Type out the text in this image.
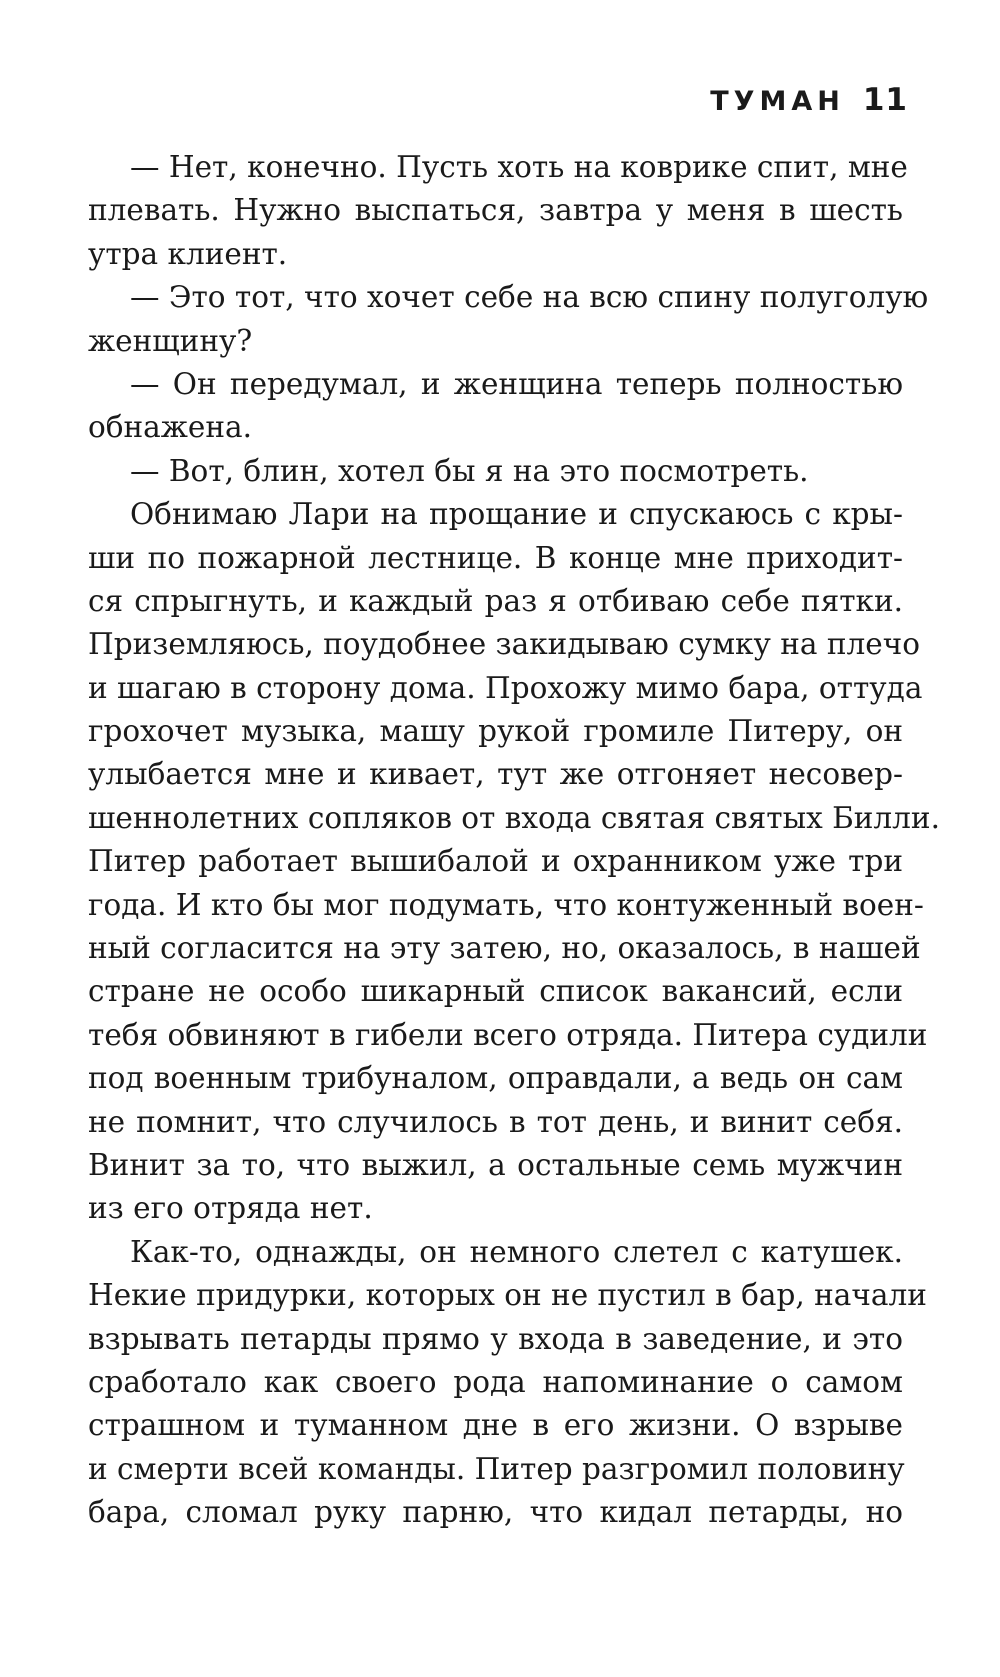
ТУМАН 11
— Нет, конечно. Пусть хоть на коврике спит, мне
плевать. Нужно выспаться, завтра у меня в шесть
утра клиент.
— Это тот, что хочет себе на всю спину полуголую
женщину?
— Он передумал, и женщина теперь полностью
обнажена.
— Вот, блин, хотел бы я на это посмотреть.
Обнимаю Лари на прощание и спускаюсь с кры-
ши по пожарной лестнице. В конце мне приходит-
ся спрыгнуть, и каждый раз я отбиваю себе пятки.
Приземляюсь, поудобнее закидываю сумку на плечо
и шагаю в сторону дома. Прохожу мимо бара, оттуда
грохочет музыка, машу рукой громиле Питеру, он
улыбается мне и кивает, тут же отгоняет несовер-
шеннолетних сопляков от входа святая святых Билли.
Питер работает вышибалой и охранником уже три
года. И кто бы мог подумать, что контуженный воен-
ный согласится на эту затею, но, оказалось, в нашей
стране не особо шикарный список вакансий, если
тебя обвиняют в гибели всего отряда. Питера судили
под военным трибуналом, оправдали, а ведь он сам
не помнит, что случилось в тот день, и винит себя.
Винит за то, что выжил, а остальные семь мужчин
из его отряда нет.
Как-то, однажды, он немного слетел с катушек.
Некие придурки, которых он не пустил в бар, начали
взрывать петарды прямо у входа в заведение, и это
сработало как своего рода напоминание о самом
страшном и туманном дне в его жизни. О взрыве
и смерти всей команды. Питер разгромил половину
бара, сломал руку парню, что кидал петарды, но
